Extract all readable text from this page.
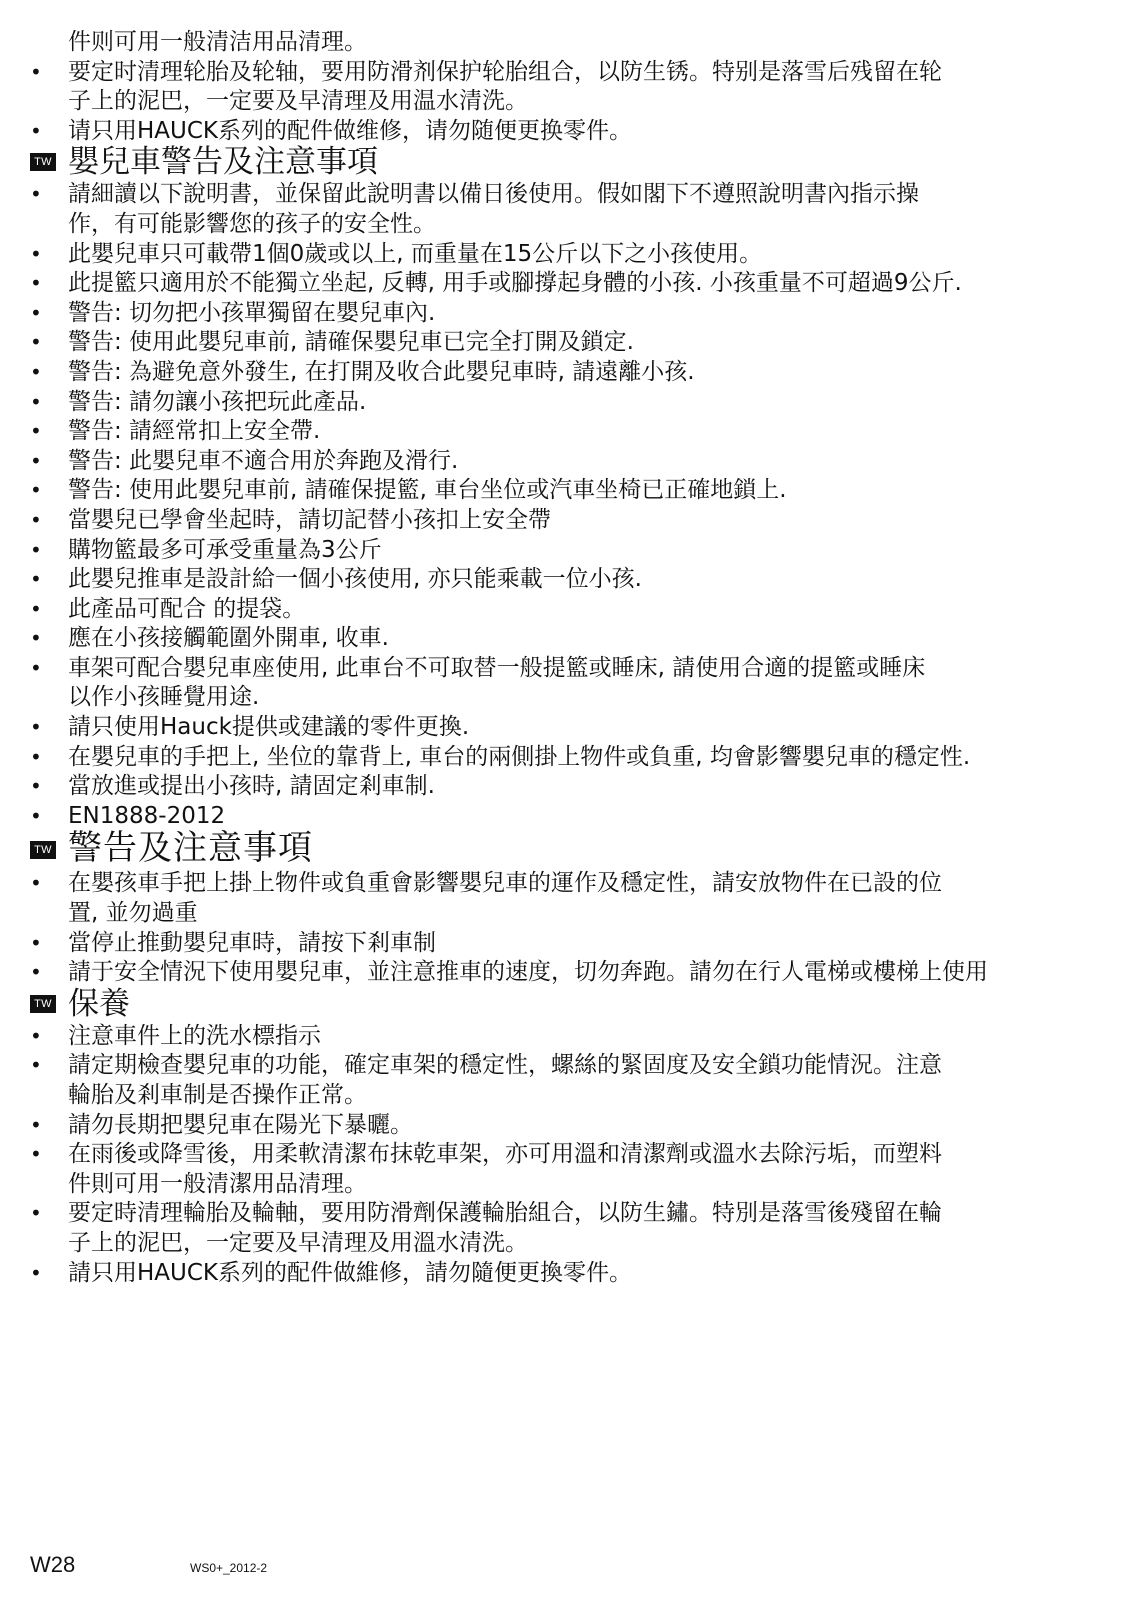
件则可用一般清洁用品清理。
•	要定时清理轮胎及轮轴，要用防滑剂保护轮胎组合，以防生锈。特别是落雪后残留在轮
子上的泥巴，一定要及早清理及用温水清洗。
•	请只用HAUCK系列的配件做维修，请勿随便更换零件。
TW 嬰兒車警告及注意事項
•	請細讀以下說明書，並保留此說明書以備日後使用。假如閣下不遵照說明書內指示操
作，有可能影響您的孩子的安全性。
•	此嬰兒車只可載帶1個0歲或以上, 而重量在15公斤以下之小孩使用。
•	此提籃只適用於不能獨立坐起, 反轉, 用手或腳撐起身體的小孩. 小孩重量不可超過9公斤.
•	警告: 切勿把小孩單獨留在嬰兒車內.
•	警告: 使用此嬰兒車前, 請確保嬰兒車已完全打開及鎖定.
•	警告: 為避免意外發生, 在打開及收合此嬰兒車時, 請遠離小孩.
•	警告: 請勿讓小孩把玩此產品.
•	警告: 請經常扣上安全帶.
•	警告: 此嬰兒車不適合用於奔跑及滑行.
•	警告: 使用此嬰兒車前, 請確保提籃, 車台坐位或汽車坐椅已正確地鎖上.
•	當嬰兒已學會坐起時，請切記替小孩扣上安全帶
•	購物籃最多可承受重量為3公斤
•	此嬰兒推車是設計給一個小孩使用, 亦只能乘載一位小孩.
•	此產品可配合 的提袋。
•	應在小孩接觸範圍外開車, 收車.
•	車架可配合嬰兒車座使用, 此車台不可取替一般提籃或睡床, 請使用合適的提籃或睡床
以作小孩睡覺用途.
•	請只使用Hauck提供或建議的零件更換.
•	在嬰兒車的手把上, 坐位的靠背上, 車台的兩側掛上物件或負重, 均會影響嬰兒車的穩定性.
•	當放進或提出小孩時, 請固定剎車制.
•	EN1888-2012
TW 警告及注意事項
•	在嬰孩車手把上掛上物件或負重會影響嬰兒車的運作及穩定性，請安放物件在已設的位
置, 並勿過重
•	當停止推動嬰兒車時，請按下剎車制
•	請于安全情況下使用嬰兒車，並注意推車的速度，切勿奔跑。請勿在行人電梯或樓梯上使用
TW 保養
•	注意車件上的洗水標指示
•	請定期檢查嬰兒車的功能，確定車架的穩定性，螺絲的緊固度及安全鎖功能情況。注意
輪胎及剎車制是否操作正常。
•	請勿長期把嬰兒車在陽光下暴曬。
•	在雨後或降雪後，用柔軟清潔布抹乾車架，亦可用溫和清潔劑或溫水去除污垢，而塑料
件則可用一般清潔用品清理。
•	要定時清理輪胎及輪軸，要用防滑劑保護輪胎組合，以防生鏽。特別是落雪後殘留在輪
子上的泥巴，一定要及早清理及用溫水清洗。
•	請只用HAUCK系列的配件做維修，請勿隨便更換零件。
W28	WS0+_2012-2
